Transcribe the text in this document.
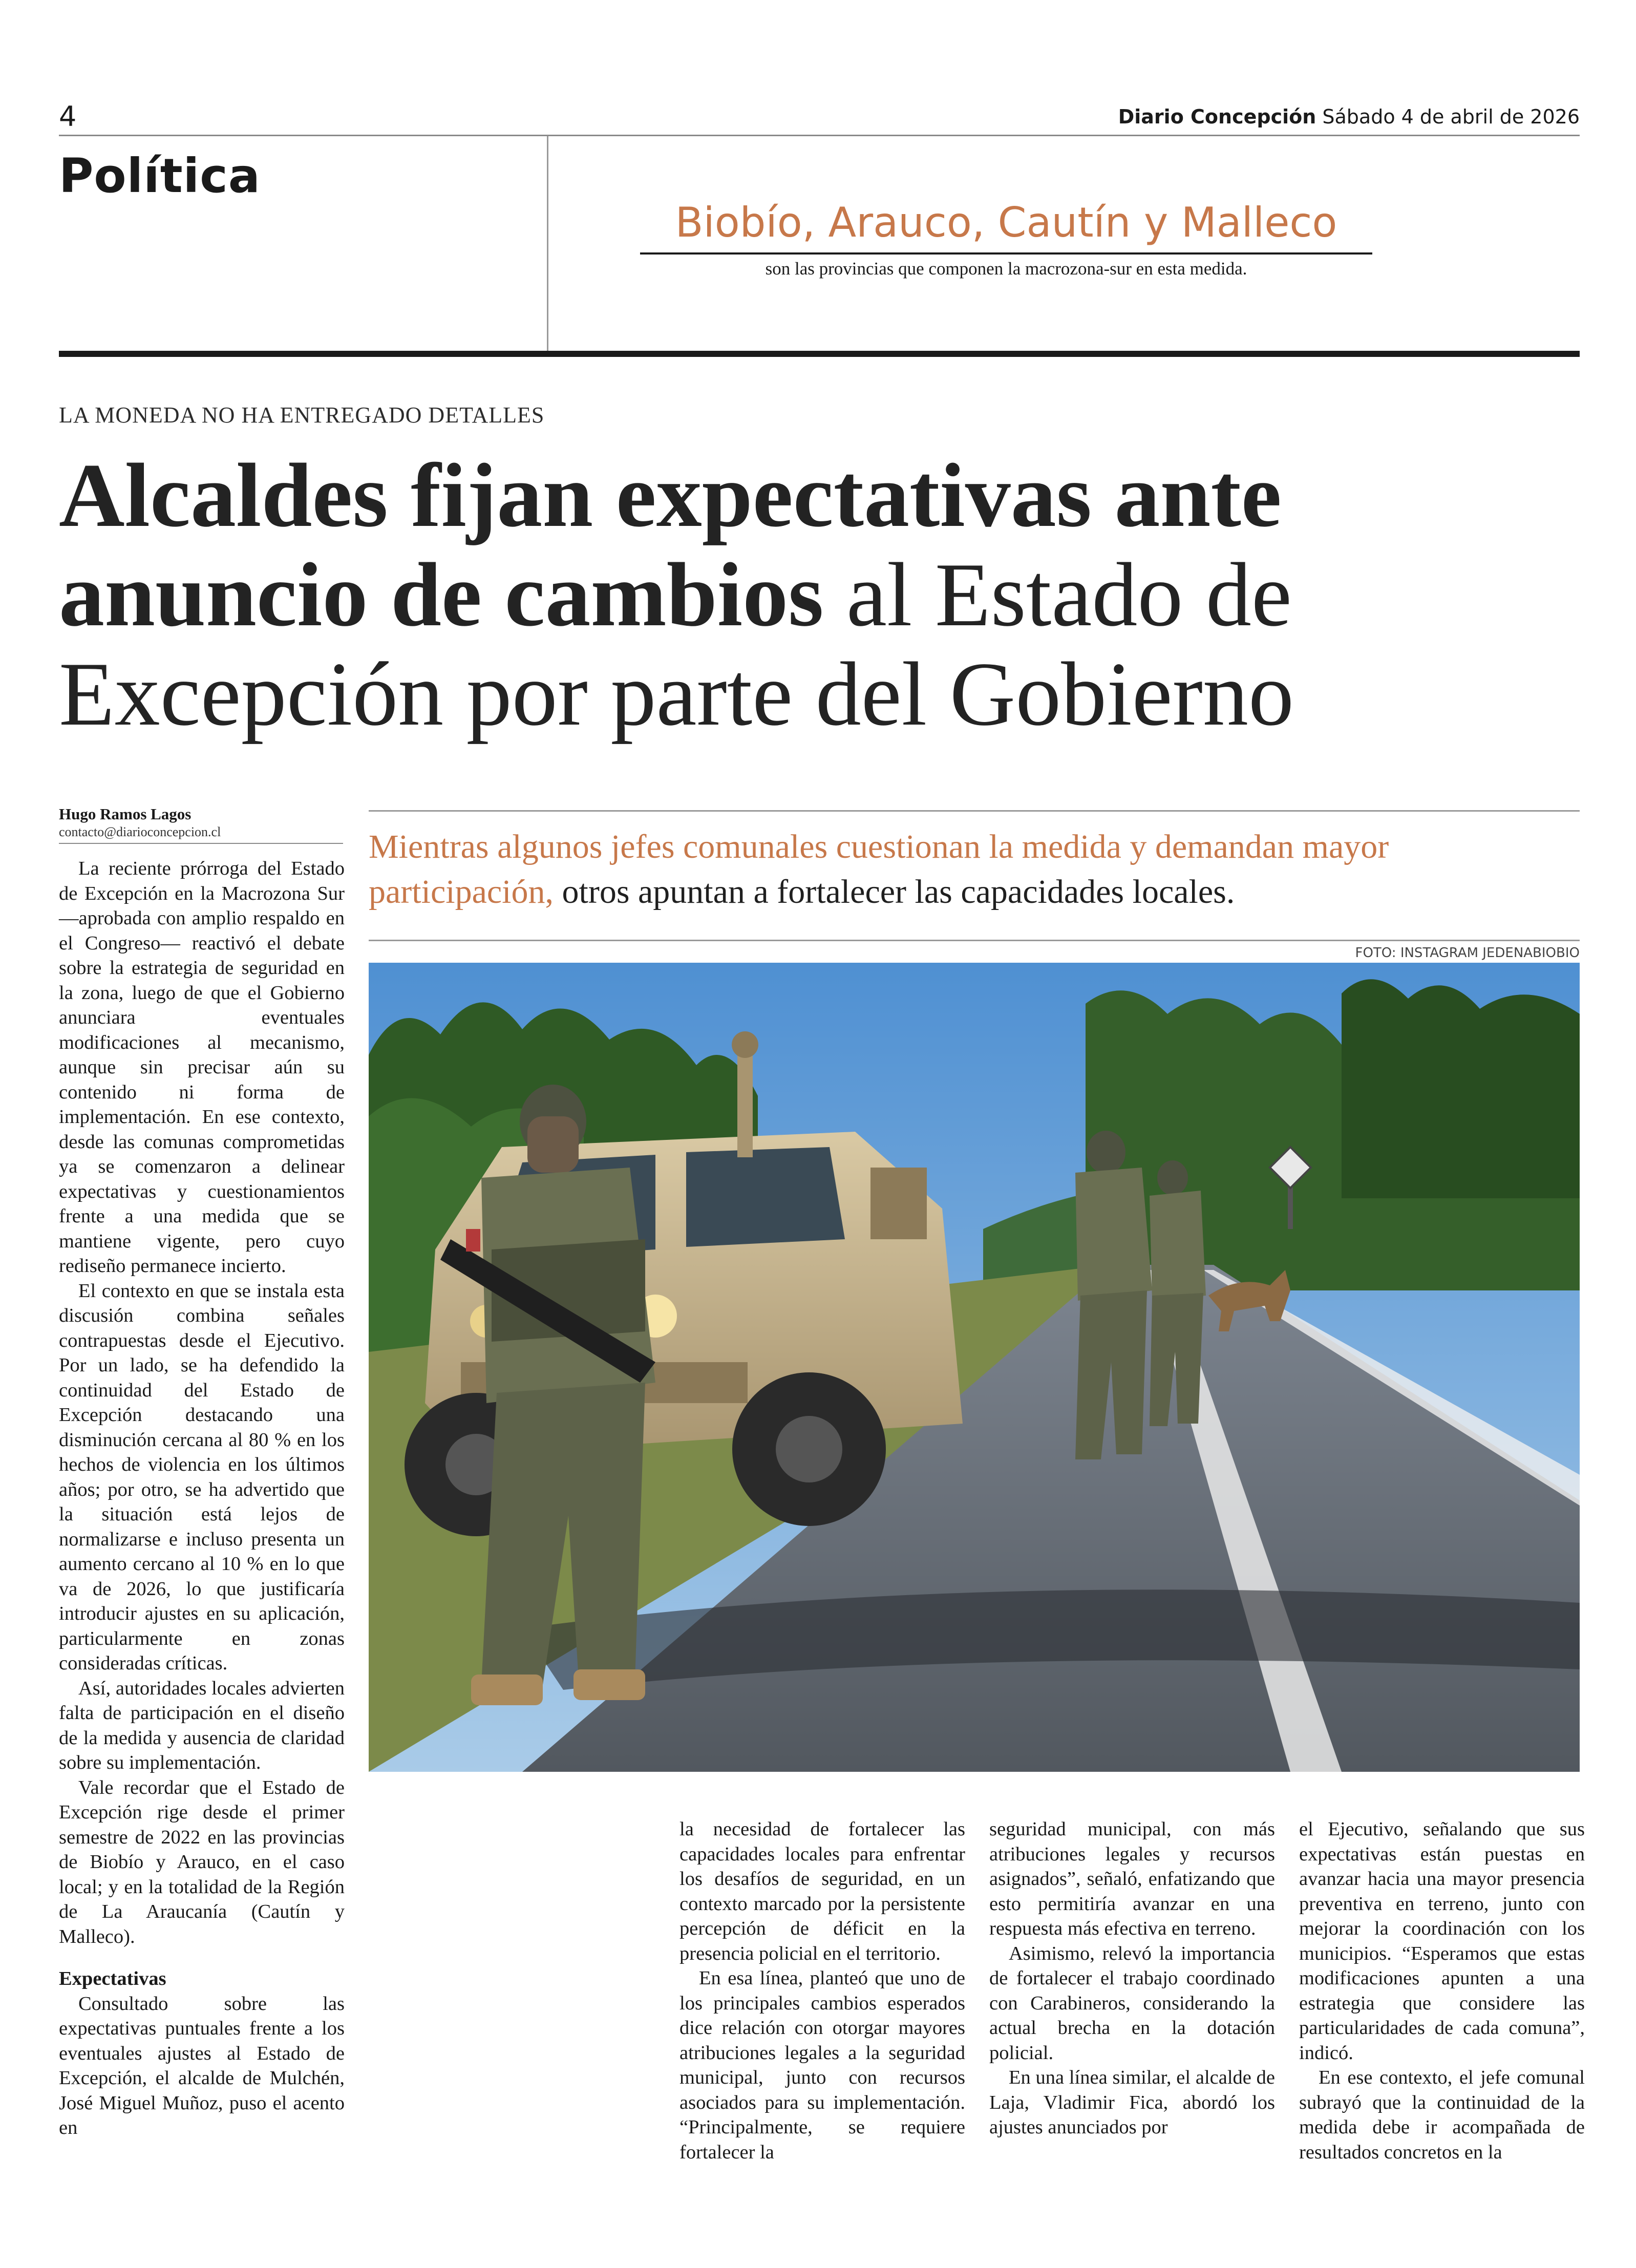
4	Diario Concepción Sábado 4 de abril de 2026
Política
Biobío, Arauco, Cautín y Malleco
son las provincias que componen la macrozona-sur en esta medida.
LA MONEDA NO HA ENTREGADO DETALLES
Alcaldes fijan expectativas ante anuncio de cambios al Estado de Excepción por parte del Gobierno
Hugo Ramos Lagos
contacto@diarioconcepcion.cl	Mientras algunos jefes comunales cuestionan la medida y demandan mayor participación, otros apuntan a fortalecer las capacidades locales.
FOTO: INSTAGRAM JEDENABIOBIO

La reciente prórroga del Estado de Excepción en la Macrozona Sur —aprobada con amplio respaldo en el Congreso— reactivó el debate sobre la estrategia de seguridad en la zona, luego de que el Gobierno anunciara eventuales modificaciones al mecanismo, aunque sin precisar aún su contenido ni forma de implementación. En ese contexto, desde las comunas comprometidas ya se comenzaron a delinear expectativas y cuestionamientos frente a una medida que se mantiene vigente, pero cuyo rediseño permanece incierto.

El contexto en que se instala esta discusión combina señales contrapuestas desde el Ejecutivo. Por un lado, se ha defendido la continuidad del Estado de Excepción destacando una disminución cercana al 80 % en los hechos de violencia en los últimos años; por otro, se ha advertido que la situación está lejos de normalizarse e incluso presenta un aumento cercano al 10 % en lo que va de 2026, lo que justificaría introducir ajustes en su aplicación, particularmente en zonas consideradas críticas.

Así, autoridades locales advierten falta de participación en el diseño de la medida y ausencia de claridad sobre su implementación.

Vale recordar que el Estado de Excepción rige desde el primer semestre de 2022 en las provincias de Biobío y Arauco, en el caso local; y en la totalidad de la Región de La Araucanía (Cautín y Malleco).

Expectativas

Consultado sobre las expectativas puntuales frente a los eventuales ajustes al Estado de Excepción, el alcalde de Mulchén, José Miguel Muñoz, puso el acento en

la necesidad de fortalecer las capacidades locales para enfrentar los desafíos de seguridad, en un contexto marcado por la persistente percepción de déficit en la presencia policial en el territorio.

En esa línea, planteó que uno de los principales cambios esperados dice relación con otorgar mayores atribuciones legales a la seguridad municipal, junto con recursos asociados para su implementación. “Principalmente, se requiere fortalecer la

seguridad municipal, con más atribuciones legales y recursos asignados”, señaló, enfatizando que esto permitiría avanzar en una respuesta más efectiva en terreno.

Asimismo, relevó la importancia de fortalecer el trabajo coordinado con Carabineros, considerando la actual brecha en la dotación policial.

En una línea similar, el alcalde de Laja, Vladimir Fica, abordó los ajustes anunciados por

el Ejecutivo, señalando que sus expectativas están puestas en avanzar hacia una mayor presencia preventiva en terreno, junto con mejorar la coordinación con los municipios. “Esperamos que estas modificaciones apunten a una estrategia que considere las particularidades de cada comuna”, indicó.

En ese contexto, el jefe comunal subrayó que la continuidad de la medida debe ir acompañada de resultados concretos en la
